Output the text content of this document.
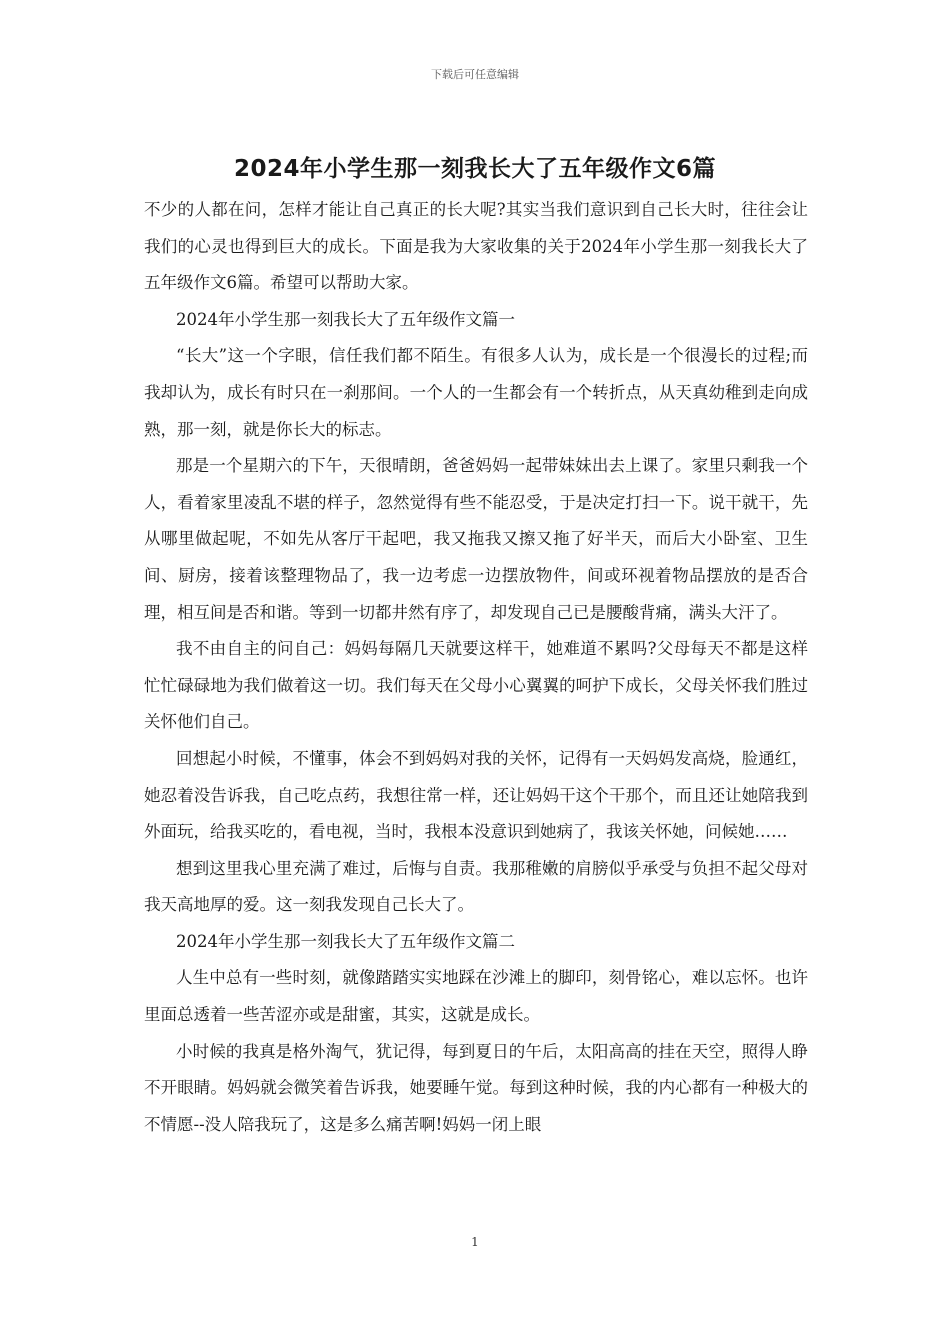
下载后可任意编辑
2024年小学生那一刻我长大了五年级作文6篇

不少的人都在问，怎样才能让自己真正的长大呢?其实当我们意识到自己长大时，往往会让我们的心灵也得到巨大的成长。下面是我为大家收集的关于2024年小学生那一刻我长大了五年级作文6篇。希望可以帮助大家。

2024年小学生那一刻我长大了五年级作文篇一

“长大”这一个字眼，信任我们都不陌生。有很多人认为，成长是一个很漫长的过程;而我却认为，成长有时只在一刹那间。一个人的一生都会有一个转折点，从天真幼稚到走向成熟，那一刻，就是你长大的标志。

那是一个星期六的下午，天很晴朗，爸爸妈妈一起带妹妹出去上课了。家里只剩我一个人，看着家里凌乱不堪的样子，忽然觉得有些不能忍受，于是决定打扫一下。说干就干，先从哪里做起呢，不如先从客厅干起吧，我又拖我又擦又拖了好半天，而后大小卧室、卫生间、厨房，接着该整理物品了，我一边考虑一边摆放物件，间或环视着物品摆放的是否合理，相互间是否和谐。等到一切都井然有序了，却发现自己已是腰酸背痛，满头大汗了。

我不由自主的问自己：妈妈每隔几天就要这样干，她难道不累吗?父母每天不都是这样忙忙碌碌地为我们做着这一切。我们每天在父母小心翼翼的呵护下成长，父母关怀我们胜过关怀他们自己。

回想起小时候，不懂事，体会不到妈妈对我的关怀，记得有一天妈妈发高烧，脸通红，她忍着没告诉我，自己吃点药，我想往常一样，还让妈妈干这个干那个，而且还让她陪我到外面玩，给我买吃的，看电视，当时，我根本没意识到她病了，我该关怀她，问候她……

想到这里我心里充满了难过，后悔与自责。我那稚嫩的肩膀似乎承受与负担不起父母对我天高地厚的爱。这一刻我发现自己长大了。

2024年小学生那一刻我长大了五年级作文篇二

人生中总有一些时刻，就像踏踏实实地踩在沙滩上的脚印，刻骨铭心，难以忘怀。也许里面总透着一些苦涩亦或是甜蜜，其实，这就是成长。

小时候的我真是格外淘气，犹记得，每到夏日的午后，太阳高高的挂在天空，照得人睁不开眼睛。妈妈就会微笑着告诉我，她要睡午觉。每到这种时候，我的内心都有一种极大的不情愿--没人陪我玩了，这是多么痛苦啊!妈妈一闭上眼

1
